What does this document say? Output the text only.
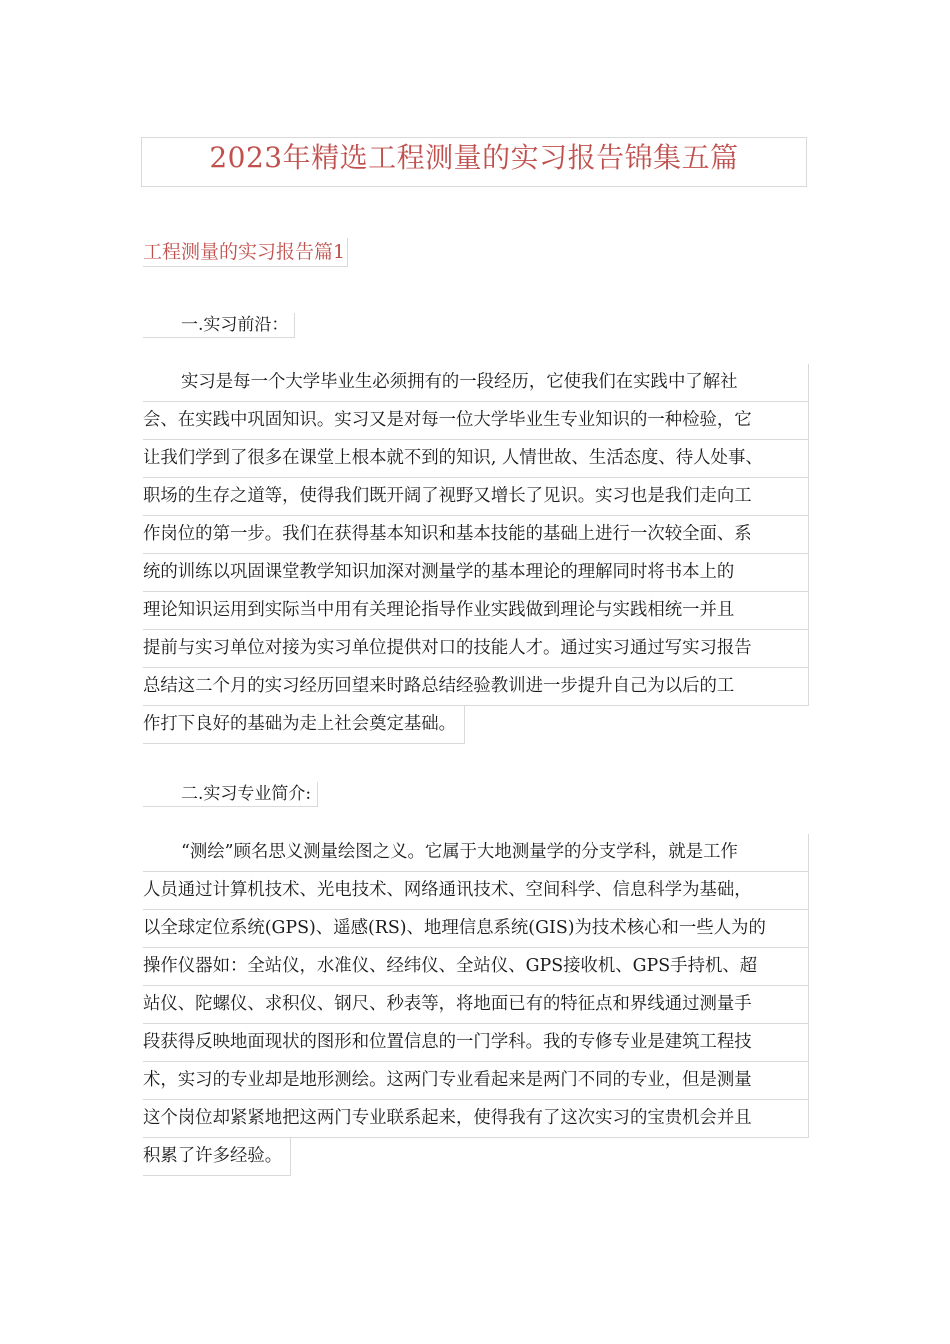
2023年精选工程测量的实习报告锦集五篇
工程测量的实习报告篇1
一.实习前沿：
实习是每一个大学毕业生必须拥有的一段经历，它使我们在实践中了解社
会、在实践中巩固知识。实习又是对每一位大学毕业生专业知识的一种检验，它
让我们学到了很多在课堂上根本就不到的知识, 人情世故、生活态度、待人处事、
职场的生存之道等，使得我们既开阔了视野又增长了见识。实习也是我们走向工
作岗位的第一步。我们在获得基本知识和基本技能的基础上进行一次较全面、系
统的训练以巩固课堂教学知识加深对测量学的基本理论的理解同时将书本上的
理论知识运用到实际当中用有关理论指导作业实践做到理论与实践相统一并且
提前与实习单位对接为实习单位提供对口的技能人才。通过实习通过写实习报告
总结这二个月的实习经历回望来时路总结经验教训进一步提升自己为以后的工
作打下良好的基础为走上社会奠定基础。
二.实习专业简介:
“测绘”顾名思义测量绘图之义。它属于大地测量学的分支学科，就是工作
人员通过计算机技术、光电技术、网络通讯技术、空间科学、信息科学为基础，
以全球定位系统(GPS)、遥感(RS)、地理信息系统(GIS)为技术核心和一些人为的
操作仪器如：全站仪，水准仪、经纬仪、全站仪、GPS接收机、GPS手持机、超
站仪、陀螺仪、求积仪、钢尺、秒表等，将地面已有的特征点和界线通过测量手
段获得反映地面现状的图形和位置信息的一门学科。我的专修专业是建筑工程技
术，实习的专业却是地形测绘。这两门专业看起来是两门不同的专业，但是测量
这个岗位却紧紧地把这两门专业联系起来，使得我有了这次实习的宝贵机会并且
积累了许多经验。
